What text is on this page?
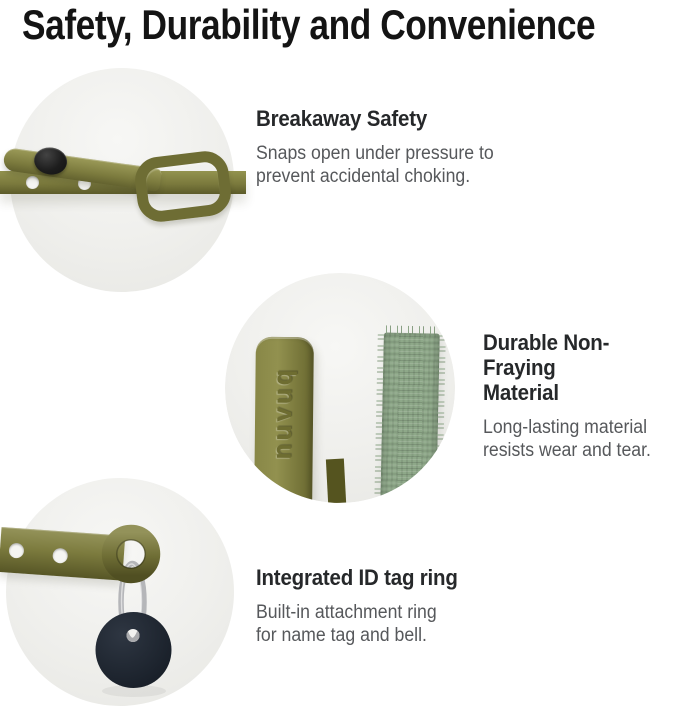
Safety, Durability and Convenience
Breakaway Safety
Snaps open under pressure to
prevent accidental choking.
nuvuq
Durable Non-Fraying
Material
Long-lasting material
resists wear and tear.
Integrated ID tag ring
Built-in attachment ring
for name tag and bell.
